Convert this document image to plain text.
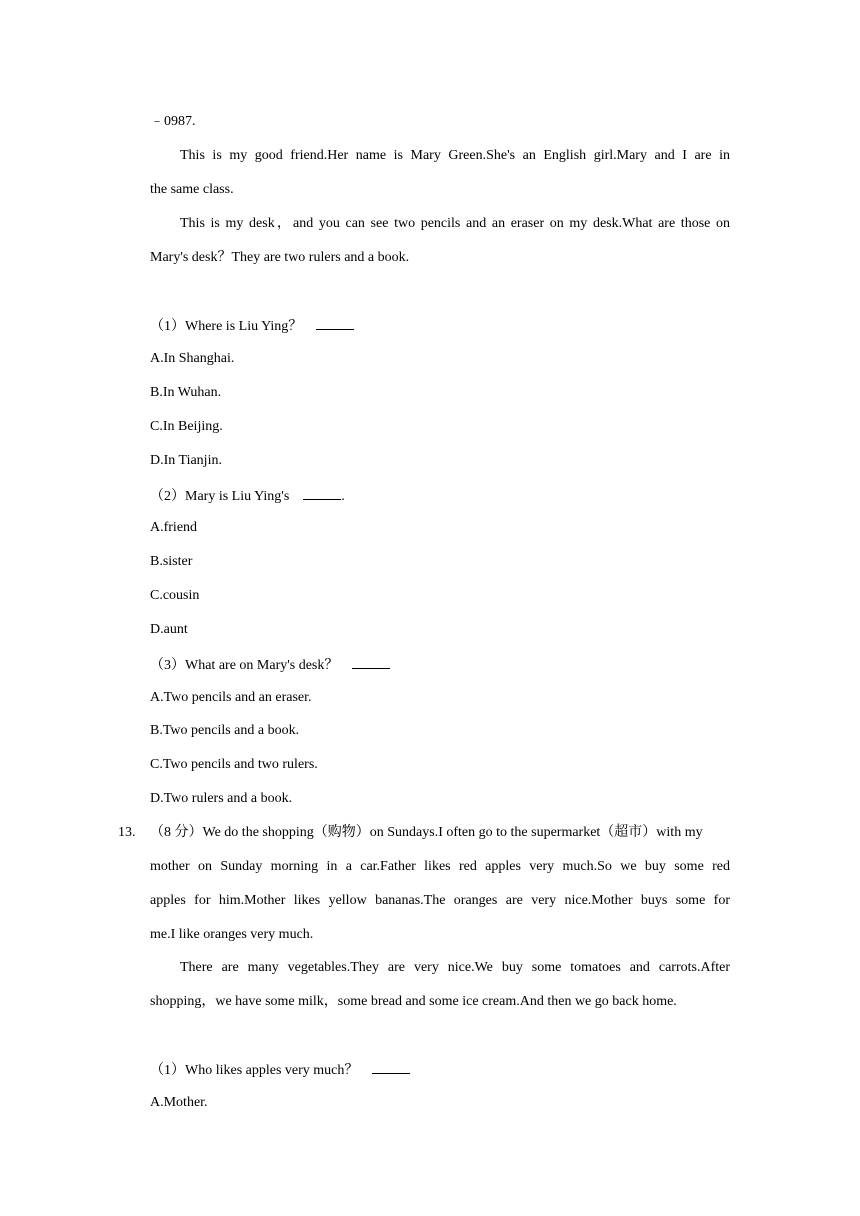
﹣0987.
This is my good friend.Her name is Mary Green.She's an English girl.Mary and I are in
the same class.
This is my desk，and you can see two pencils and an eraser on my desk.What are those on
Mary's desk？They are two rulers and a book.
（1）Where is Liu Ying？
A.In Shanghai.
B.In Wuhan.
C.In Beijing.
D.In Tianjin.
（2）Mary is Liu Ying's	.
A.friend
B.sister
C.cousin
D.aunt
（3）What are on Mary's desk？
A.Two pencils and an eraser.
B.Two pencils and a book.
C.Two pencils and two rulers.
D.Two rulers and a book.
13. （8 分）We do the shopping（购物）on Sundays.I often go to the supermarket（超市）with my
mother on Sunday morning in a car.Father likes red apples very much.So we buy some red
apples for him.Mother likes yellow bananas.The oranges are very nice.Mother buys some for
me.I like oranges very much.
There are many vegetables.They are very nice.We buy some tomatoes and carrots.After
shopping，we have some milk，some bread and some ice cream.And then we go back home.
（1）Who likes apples very much？
A.Mother.
